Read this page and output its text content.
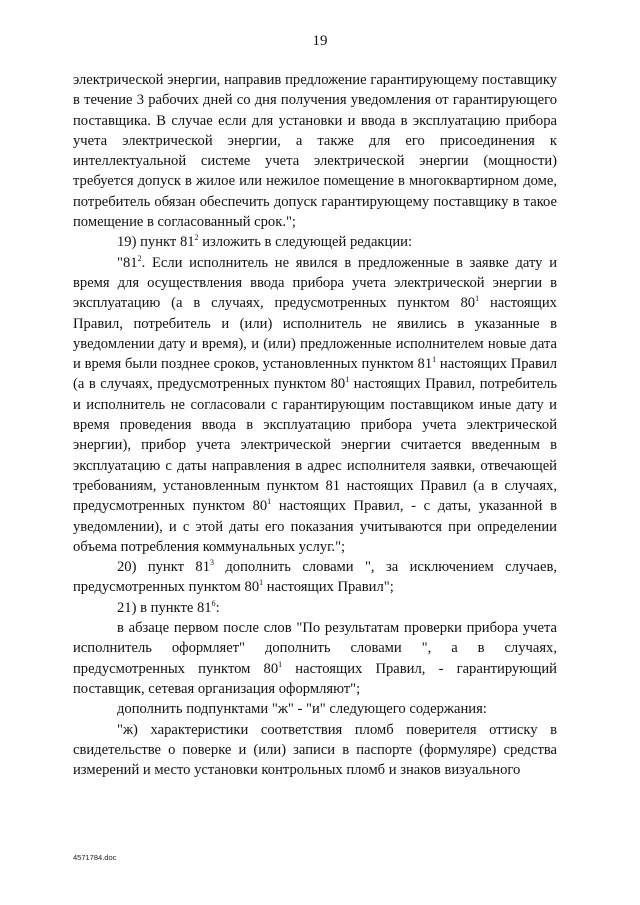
19

электрической энергии, направив предложение гарантирующему поставщику в течение 3 рабочих дней со дня получения уведомления от гарантирующего поставщика. В случае если для установки и ввода в эксплуатацию прибора учета электрической энергии, а также для его присоединения к интеллектуальной системе учета электрической энергии (мощности) требуется допуск в жилое или нежилое помещение в многоквартирном доме, потребитель обязан обеспечить допуск гарантирующему поставщику в такое помещение в согласованный срок.";

19) пункт $81^2$ изложить в следующей редакции:

"$81^2$. Если исполнитель не явился в предложенные в заявке дату и время для осуществления ввода прибора учета электрической энергии в эксплуатацию (а в случаях, предусмотренных пунктом $80^1$ настоящих Правил, потребитель и (или) исполнитель не явились в указанные в уведомлении дату и время), и (или) предложенные исполнителем новые дата и время были позднее сроков, установленных пунктом $81^1$ настоящих Правил (а в случаях, предусмотренных пунктом $80^1$ настоящих Правил, потребитель и исполнитель не согласовали с гарантирующим поставщиком иные дату и время проведения ввода в эксплуатацию прибора учета электрической энергии), прибор учета электрической энергии считается введенным в эксплуатацию с даты направления в адрес исполнителя заявки, отвечающей требованиям, установленным пунктом 81 настоящих Правил (а в случаях, предусмотренных пунктом $80^1$ настоящих Правил, - с даты, указанной в уведомлении), и с этой даты его показания учитываются при определении объема потребления коммунальных услуг.";

20) пункт $81^3$ дополнить словами ", за исключением случаев, предусмотренных пунктом $80^1$ настоящих Правил";

21) в пункте $81^6$:

в абзаце первом после слов "По результатам проверки прибора учета исполнитель оформляет" дополнить словами ", а в случаях, предусмотренных пунктом $80^1$ настоящих Правил, - гарантирующий поставщик, сетевая организация оформляют";

дополнить подпунктами "ж" - "и" следующего содержания:

"ж) характеристики соответствия пломб поверителя оттиску в свидетельстве о поверке и (или) записи в паспорте (формуляре) средства измерений и место установки контрольных пломб и знаков визуального

4571784.doc
